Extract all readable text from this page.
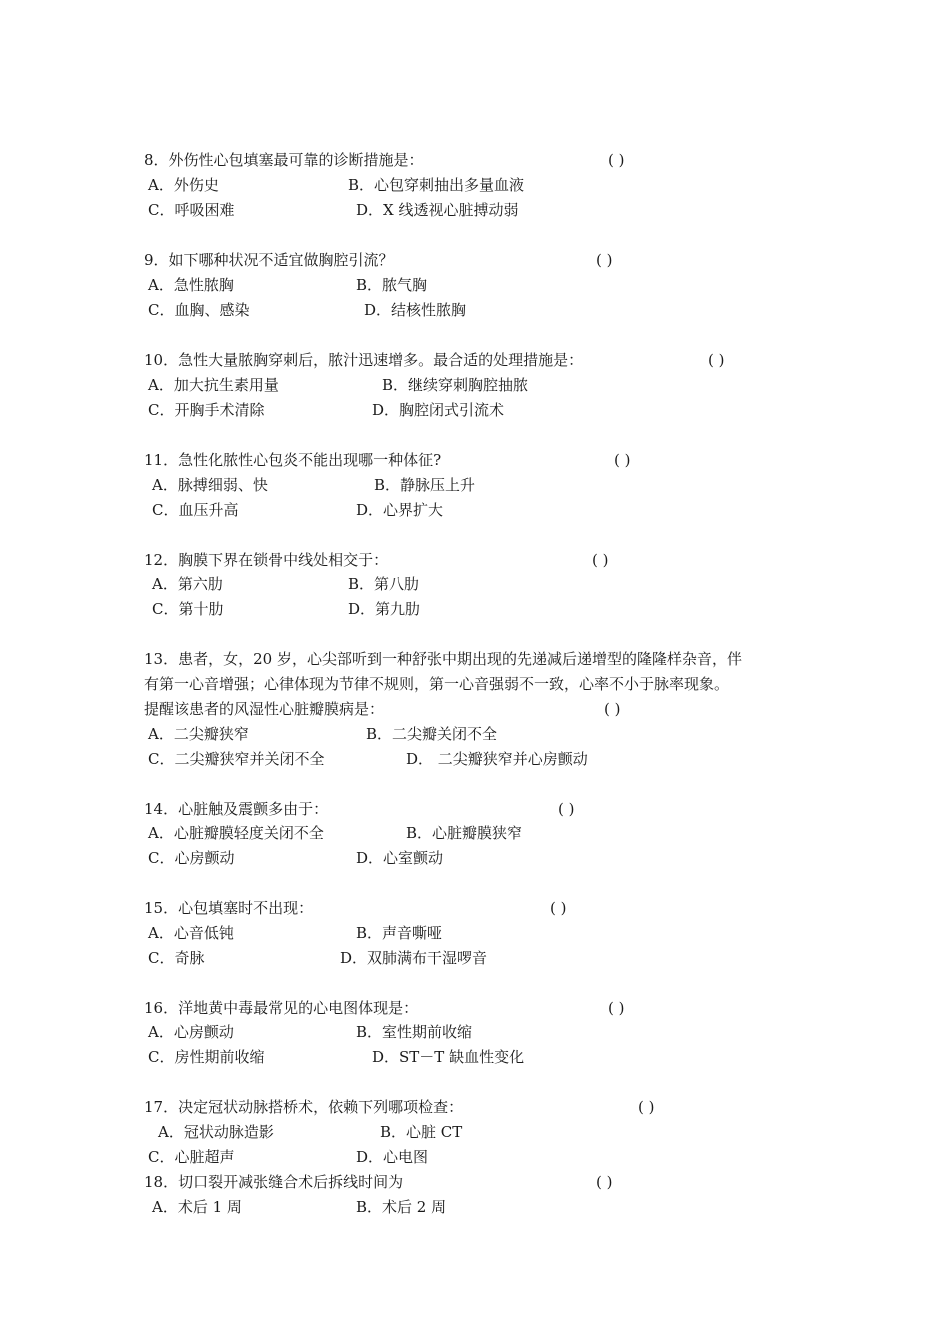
8．外伤性心包填塞最可靠的诊断措施是：	( )
A．外伤史	B．心包穿刺抽出多量血液
C．呼吸困难	D．X 线透视心脏搏动弱
9．如下哪种状况不适宜做胸腔引流？	( )
A．急性脓胸	B．脓气胸
C．血胸、感染	D．结核性脓胸
10．急性大量脓胸穿刺后，脓汁迅速增多。最合适的处理措施是：	( )
A．加大抗生素用量	B．继续穿刺胸腔抽脓
C．开胸手术清除	D．胸腔闭式引流术
11．急性化脓性心包炎不能出现哪一种体征?	( )
A．脉搏细弱、快	B．静脉压上升
C．血压升高	D．心界扩大
12．胸膜下界在锁骨中线处相交于：	( )
A．第六肋	B．第八肋
C．第十肋	D．第九肋
13．患者，女，20 岁，心尖部听到一种舒张中期出现的先递减后递增型的隆隆样杂音，伴
有第一心音增强；心律体现为节律不规则，第一心音强弱不一致，心率不小于脉率现象。
提醒该患者的风湿性心脏瓣膜病是：	( )
A．二尖瓣狭窄	B．二尖瓣关闭不全
C．二尖瓣狭窄并关闭不全	D． 二尖瓣狭窄并心房颤动
14．心脏触及震颤多由于：	( )
A．心脏瓣膜轻度关闭不全	B．心脏瓣膜狭窄
C．心房颤动	D．心室颤动
15．心包填塞时不出现：	( )
A．心音低钝	B．声音嘶哑
C．奇脉	D．双肺满布干湿啰音
16．洋地黄中毒最常见的心电图体现是：	( )
A．心房颤动	B．室性期前收缩
C．房性期前收缩	D．ST－T 缺血性变化
17．决定冠状动脉搭桥术，依赖下列哪项检查：	( )
A．冠状动脉造影	B．心脏 CT
C．心脏超声	D．心电图
18．切口裂开减张缝合术后拆线时间为	( )
A．术后 1 周	B．术后 2 周
